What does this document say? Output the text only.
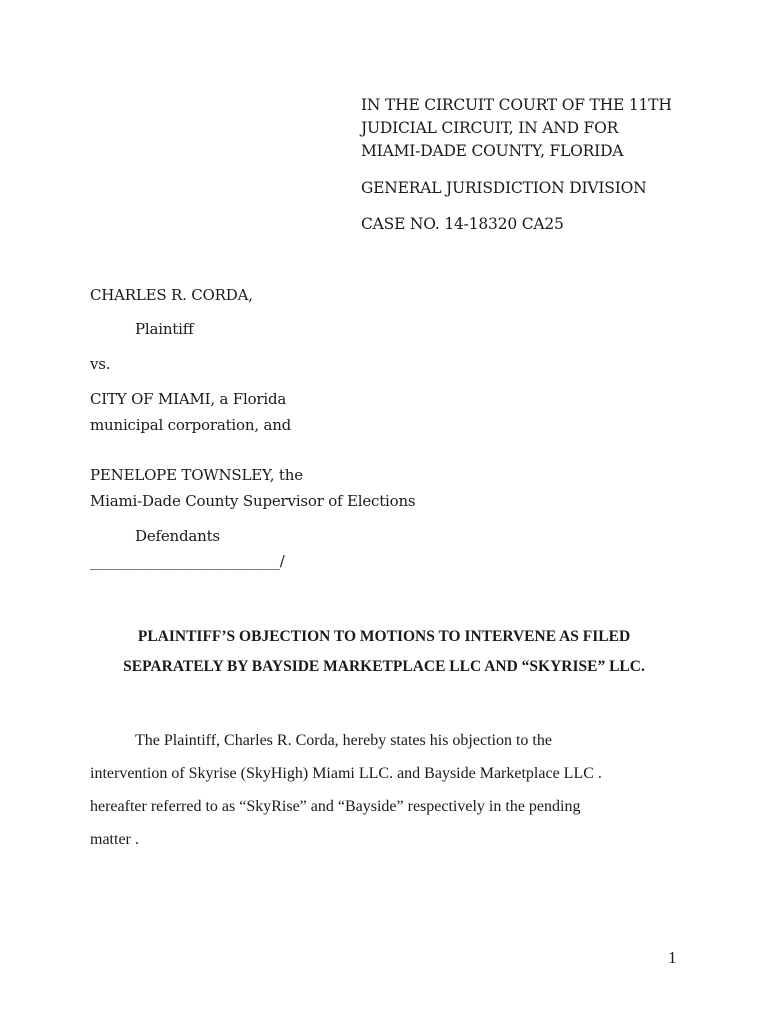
IN THE CIRCUIT COURT OF THE 11TH
JUDICIAL CIRCUIT, IN AND FOR
MIAMI-DADE COUNTY, FLORIDA
GENERAL JURISDICTION DIVISION
CASE NO. 14-18320 CA25
CHARLES R. CORDA,
Plaintiff
vs.
CITY OF MIAMI, a Florida
municipal corporation, and
PENELOPE TOWNSLEY, the
Miami-Dade County Supervisor of Elections
Defendants
__________________________/
PLAINTIFF’S OBJECTION TO MOTIONS TO INTERVENE AS FILED
SEPARATELY BY BAYSIDE MARKETPLACE LLC AND “SKYRISE” LLC.
The Plaintiff, Charles R. Corda, hereby states his objection to the
intervention of Skyrise (SkyHigh) Miami LLC. and Bayside Marketplace LLC .
hereafter referred to as “SkyRise” and “Bayside” respectively in the pending
matter .
1
